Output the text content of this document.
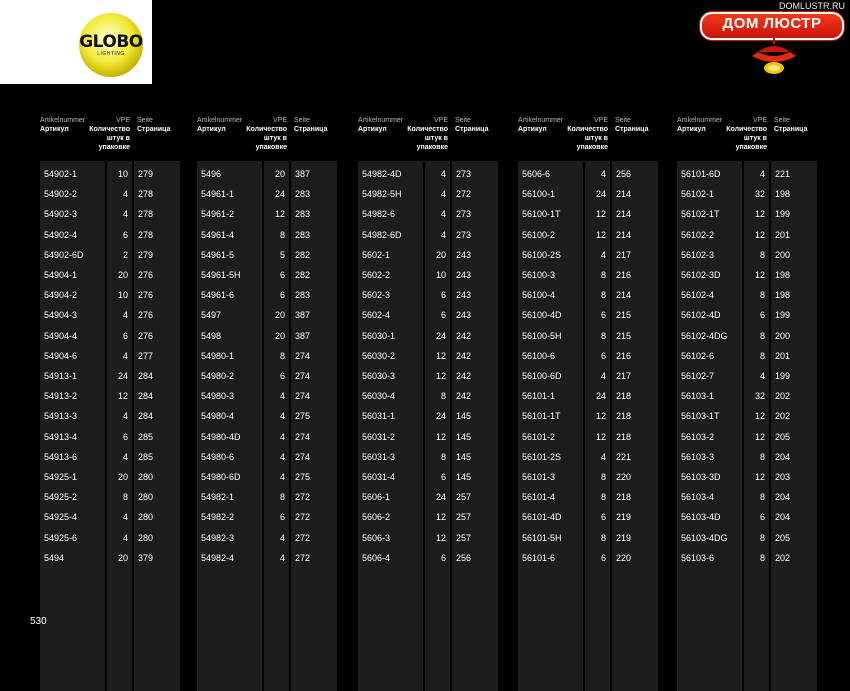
GLOBO
LIGHTING
DOMLUSTR.RU
ДОМ ЛЮСТР
Artikelnummer
Артикул
VPE
Количество
штук в
упаковке
Seite
Страница
54902-1	10 279
54902-2	4 278
54902-3	4 278
54902-4	6 278
54902-6D	2 279
54904-1	20 276
54904-2	10 276
54904-3	4 276
54904-4	6 276
54904-6	4 277
54913-1	24 284
54913-2	12 284
54913-3	4 284
54913-4	6 285
54913-6	4 285
54925-1	20 280
54925-2	8 280
54925-4	4 280
54925-6	4 280
5494	20 379
Artikelnummer
Артикул
VPE
Количество
штук в
упаковке
Seite
Страница
5496	20 387
54961-1	24 283
54961-2	12 283
54961-4	8 283
54961-5	5 282
54961-5H	6 282
54961-6	6 283
5497	20 387
5498	20 387
54980-1	8 274
54980-2	6 274
54980-3	4 274
54980-4	4 275
54980-4D	4 274
54980-6	4 274
54980-6D	4 275
54982-1	8 272
54982-2	6 272
54982-3	4 272
54982-4	4 272
Artikelnummer
Артикул
VPE
Количество
штук в
упаковке
Seite
Страница
54982-4D	4 273
54982-5H	4 272
54982-6	4 273
54982-6D	4 273
5602-1	20 243
5602-2	10 243
5602-3	6 243
5602-4	6 243
56030-1	24 242
56030-2	12 242
56030-3	12 242
56030-4	8 242
56031-1	24 145
56031-2	12 145
56031-3	8 145
56031-4	6 145
5606-1	24 257
5606-2	12 257
5606-3	12 257
5606-4	6 256
Artikelnummer
Артикул
VPE
Количество
штук в
упаковке
Seite
Страница
5606-6	4 256
56100-1	24 214
56100-1T	12 214
56100-2	12 214
56100-2S	4 217
56100-3	8 216
56100-4	8 214
56100-4D	6 215
56100-5H	8 215
56100-6	6 216
56100-6D	4 217
56101-1	24 218
56101-1T	12 218
56101-2	12 218
56101-2S	4 221
56101-3	8 220
56101-4	8 218
56101-4D	6 219
56101-5H	8 219
56101-6	6 220
Artikelnummer
Артикул
VPE
Количество
штук в
упаковке
Seite
Страница
56101-6D	4 221
56102-1	32 198
56102-1T	12 199
56102-2	12 201
56102-3	8 200
56102-3D	12 198
56102-4	8 198
56102-4D	6 199
56102-4DG	8 200
56102-6	8 201
56102-7	4 199
56103-1	32 202
56103-1T	12 202
56103-2	12 205
56103-3	8 204
56103-3D	12 203
56103-4	8 204
56103-4D	6 204
56103-4DG	8 205
56103-6	8 202
530
